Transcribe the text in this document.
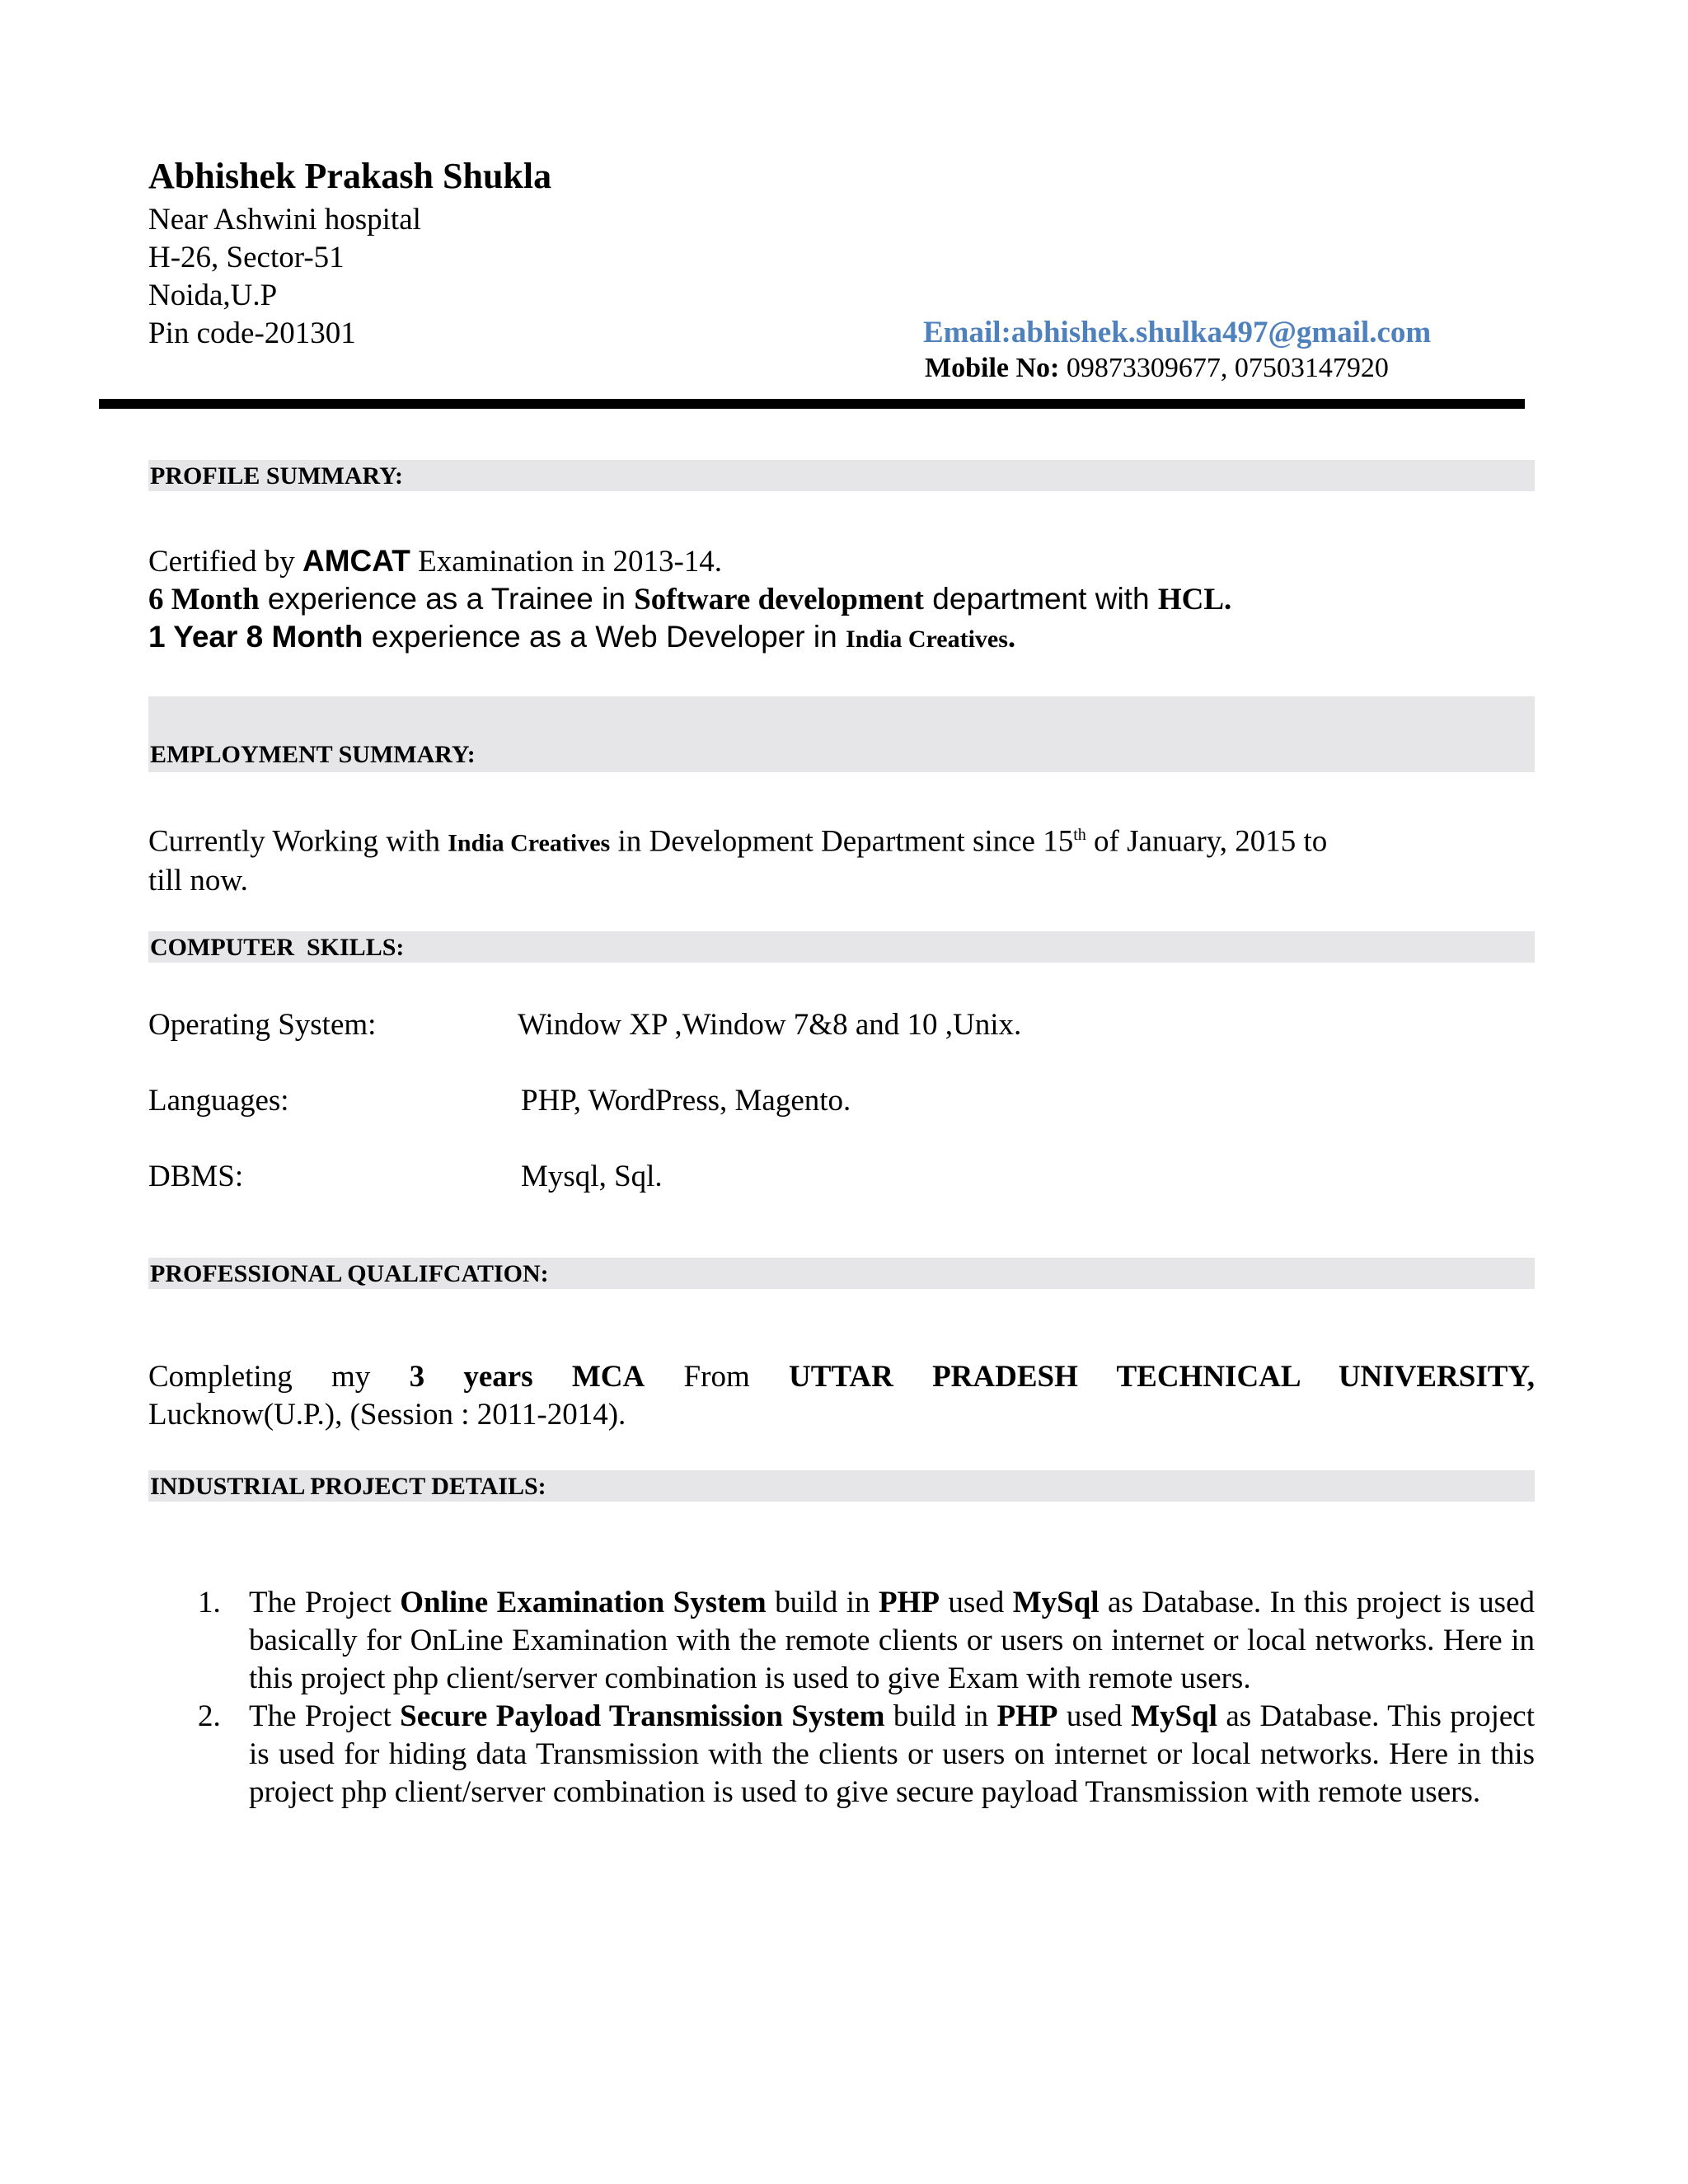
Abhishek Prakash Shukla
Near Ashwini hospital
H-26, Sector-51
Noida,U.P
Pin code-201301	Email:abhishek.shulka497@gmail.com
Mobile No: 09873309677, 07503147920
PROFILE SUMMARY:
Certified by AMCAT Examination in 2013-14.
6 Month experience as a Trainee in Software development department with HCL.
1 Year 8 Month experience as a Web Developer in India Creatives.
EMPLOYMENT SUMMARY:
Currently Working with India Creatives in Development Department since 15th of January, 2015 to
till now.
COMPUTER  SKILLS:
Operating System:	Window XP ,Window 7&8 and 10 ,Unix.
Languages:	PHP, WordPress, Magento.
DBMS:	Mysql, Sql.
PROFESSIONAL QUALIFCATION:
Completing my 3 years MCA From UTTAR PRADESH TECHNICAL UNIVERSITY,
Lucknow(U.P.), (Session : 2011-2014).
INDUSTRIAL PROJECT DETAILS:
1. The Project Online Examination System build in PHP used MySql as Database. In this project is used basically for OnLine Examination with the remote clients or users on internet or local networks. Here in this project php client/server combination is used to give Exam with remote users.
2. The Project Secure Payload Transmission System build in PHP used MySql as Database. This project is used for hiding data Transmission with the clients or users on internet or local networks. Here in this project php client/server combination is used to give secure payload Transmission with remote users.
